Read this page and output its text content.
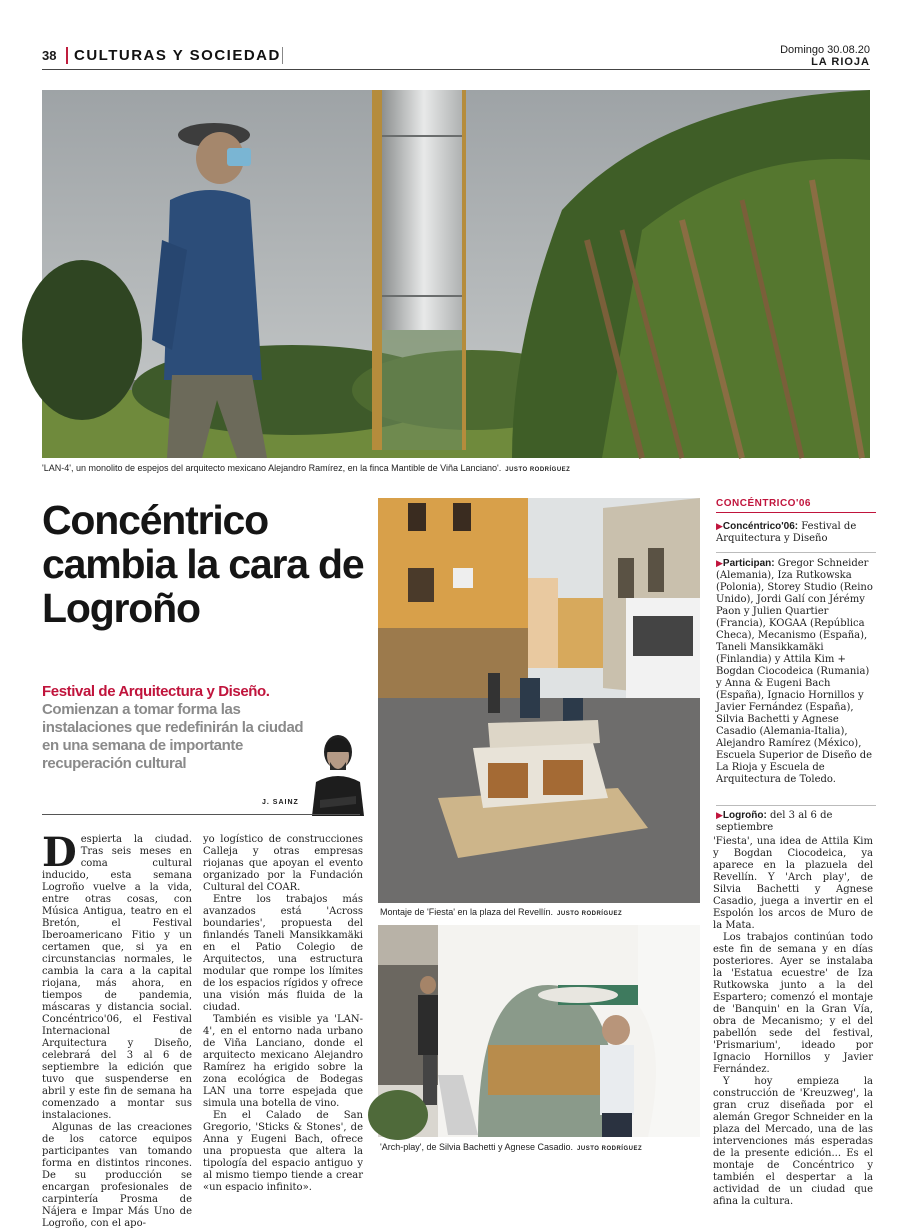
38 CULTURAS Y SOCIEDAD	Domingo 30.08.20
LA RIOJA
'LAN-4', un monolito de espejos del arquitecto mexicano Alejandro Ramírez, en la finca Mantible de Viña Lanciano'. JUSTO RODRÍGUEZ
Concéntrico cambia la cara de Logroño
Festival de Arquitectura y Diseño. Comienzan a tomar forma las instalaciones que redefinirán la ciudad en una semana de importante recuperación cultural
J. SAINZ
Montaje de 'Fiesta' en la plaza del Revellín. JUSTO RODRÍGUEZ
'Arch-play', de Silvia Bachetti y Agnese Casadio. JUSTO RODRÍGUEZ

Despierta la ciudad. Tras seis meses en coma cultural inducido, esta semana Logroño vuelve a la vida, entre otras cosas, con Música Antigua, teatro en el Bretón, el Festival Iberoamericano Fitio y un certamen que, si ya en circunstancias normales, le cambia la cara a la capital riojana, más ahora, en tiempos de pandemia, máscaras y distancia social. Concéntrico'06, el Festival Internacional de Arquitectura y Diseño, celebrará del 3 al 6 de septiembre la edición que tuvo que suspenderse en abril y este fin de semana ha comenzado a montar sus instalaciones.

Algunas de las creaciones de los catorce equipos participantes van tomando forma en distintos rincones. De su producción se encargan profesionales de carpintería Prosma de Nájera e Impar Más Uno de Logroño, con el apo-

yo logístico de construcciones Calleja y otras empresas riojanas que apoyan el evento organizado por la Fundación Cultural del COAR.

Entre los trabajos más avanzados está 'Across boundaries', propuesta del finlandés Taneli Mansikkamäki en el Patio Colegio de Arquitectos, una estructura modular que rompe los límites de los espacios rígidos y ofrece una visión más fluida de la ciudad.

También es visible ya 'LAN-4', en el entorno nada urbano de Viña Lanciano, donde el arquitecto mexicano Alejandro Ramírez ha erigido sobre la zona ecológica de Bodegas LAN una torre espejada que simula una botella de vino.

En el Calado de San Gregorio, 'Sticks & Stones', de Anna y Eugeni Bach, ofrece una propuesta que altera la tipología del espacio antiguo y al mismo tiempo tiende a crear «un espacio infinito».

'Fiesta', una idea de Attila Kim y Bogdan Ciocodeica, ya aparece en la plazuela del Revellín. Y 'Arch play', de Silvia Bachetti y Agnese Casadio, juega a invertir en el Espolón los arcos de Muro de la Mata.

Los trabajos continúan todo este fin de semana y en días posteriores. Ayer se instalaba la 'Estatua ecuestre' de Iza Rutkowska junto a la del Espartero; comenzó el montaje de 'Banquin' en la Gran Vía, obra de Mecanismo; y el del pabellón sede del festival, 'Prismarium', ideado por Ignacio Hornillos y Javier Fernández.

Y hoy empieza la construcción de 'Kreuzweg', la gran cruz diseñada por el alemán Gregor Schneider en la plaza del Mercado, una de las intervenciones más esperadas de la presente edición... Es el montaje de Concéntrico y también el despertar a la actividad de un ciudad que afina la cultura.

CONCÉNTRICO'06
▶Concéntrico'06: Festival de Arquitectura y Diseño
▶Participan: Gregor Schneider (Alemania), Iza Rutkowska (Polonia), Storey Studio (Reino Unido), Jordi Galí con Jérémy Paon y Julien Quartier (Francia), KOGAA (República Checa), Mecanismo (España), Taneli Mansikkamäki (Finlandia) y Attila Kim + Bogdan Ciocodeica (Rumania) y Anna & Eugeni Bach (España), Ignacio Hornillos y Javier Fernández (España), Silvia Bachetti y Agnese Casadio (Alemania-Italia), Alejandro Ramírez (México), Escuela Superior de Diseño de La Rioja y Escuela de Arquitectura de Toledo.
▶Logroño: del 3 al 6 de septiembre
